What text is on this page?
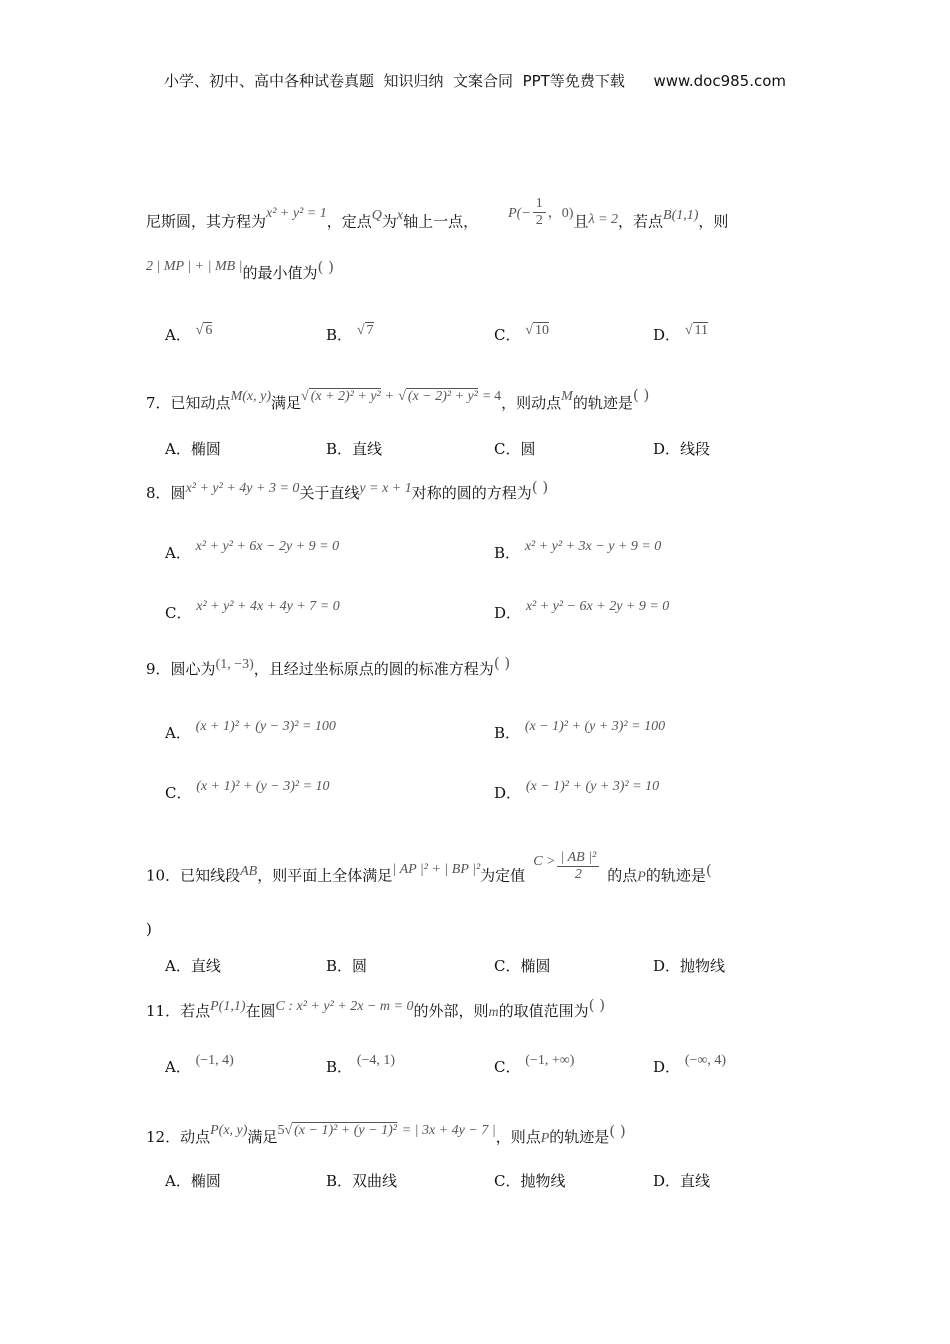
小学、初中、高中各种试卷真题  知识归纳  文案合同  PPT等免费下载      www.doc985.com
尼斯圆，其方程为x² + y² = 1，定点Q为x轴上一点， $P(- \frac{1}{2}$ ，0)且λ = 2，若点B(1,1)，则
2 | MP | + | MB |的最小值为( )
A． √ 6	B． √ 7	C． √ 10	D． √ 11
7．已知动点M(x, y)满足√ (x + 2)² + y² + √ (x − 2)² + y² = 4，则动点M的轨迹是( )
A．椭圆	B．直线	C．圆	D．线段
8．圆x² + y² + 4y + 3 = 0关于直线y = x + 1对称的圆的方程为( )
A． x² + y² + 6x − 2y + 9 = 0	B． x² + y² + 3x − y + 9 = 0
C． x² + y² + 4x + 4y + 7 = 0	D． x² + y² − 6x + 2y + 9 = 0
9．圆心为(1, −3)，且经过坐标原点的圆的标准方程为( )
A． (x + 1)² + (y − 3)² = 100	B． (x − 1)² + (y + 3)² = 100
C． (x + 1)² + (y − 3)² = 10	D． (x − 1)² + (y + 3)² = 10
10．已知线段AB，则平面上全体满足| AP |² + | BP |²为定值$C > \frac{\text{| AB |²}}{2}$ 的点P的轨迹是(
)
A．直线	B．圆	C．椭圆	D．抛物线
11．若点P(1,1)在圆C : x² + y² + 2x − m = 0的外部，则m的取值范围为( )
A． (−1, 4)	B． (−4, 1)	C． (−1, +∞)	D． (−∞, 4)
12．动点P(x, y)满足5√ (x − 1)² + (y − 1)² = | 3x + 4y − 7 |，则点P的轨迹是( )
A．椭圆	B．双曲线	C．抛物线	D．直线
